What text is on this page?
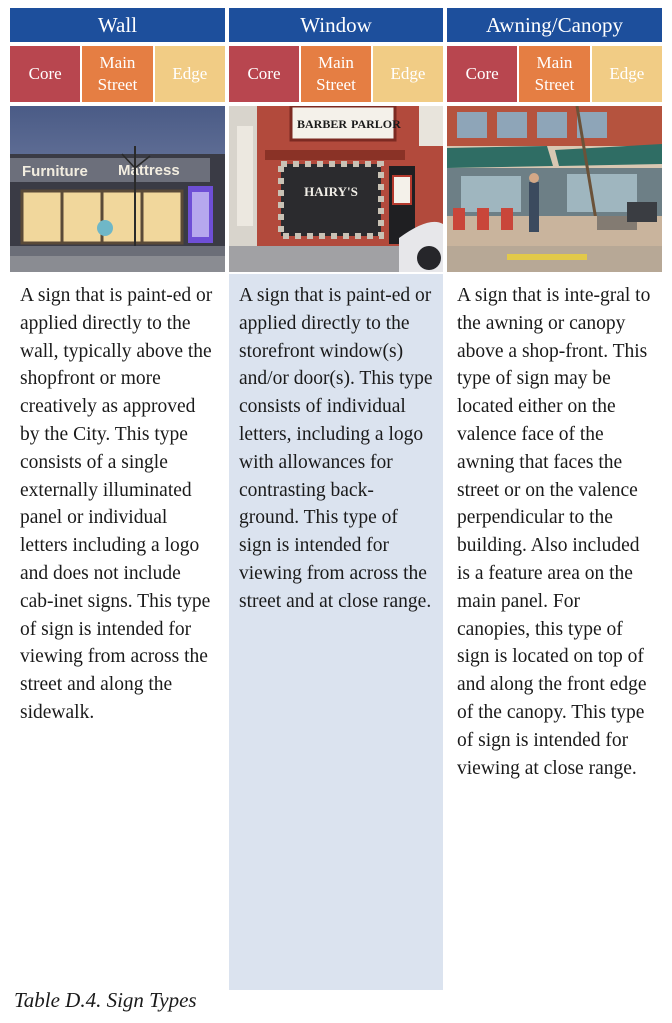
Wall
Core
Main Street
Edge
Furniture Mattress
A sign that is paint-ed or applied directly to the wall, typically above the shopfront or more creatively as approved by the City. This type consists of a single externally illuminated panel or individual letters including a logo and does not include cab-inet signs. This type of sign is intended for viewing from across the street and along the sidewalk.
Window
Core
Main Street
Edge
BARBER PARLOR
HAIRY'S
A sign that is paint-ed or applied directly to the storefront window(s) and/or door(s). This type consists of individual letters, including a logo with allowances for contrasting back-ground. This type of sign is intended for viewing from across the street and at close range.
Awning/Canopy
Core
Main Street
Edge
A sign that is inte-gral to the awning or canopy above a shop-front. This type of sign may be located either on the valence face of the awning that faces the street or on the valence perpendicular to the building. Also included is a feature area on the main panel. For canopies, this type of sign is located on top of and along the front edge of the canopy. This type of sign is intended for viewing at close range.
Table D.4. Sign Types
